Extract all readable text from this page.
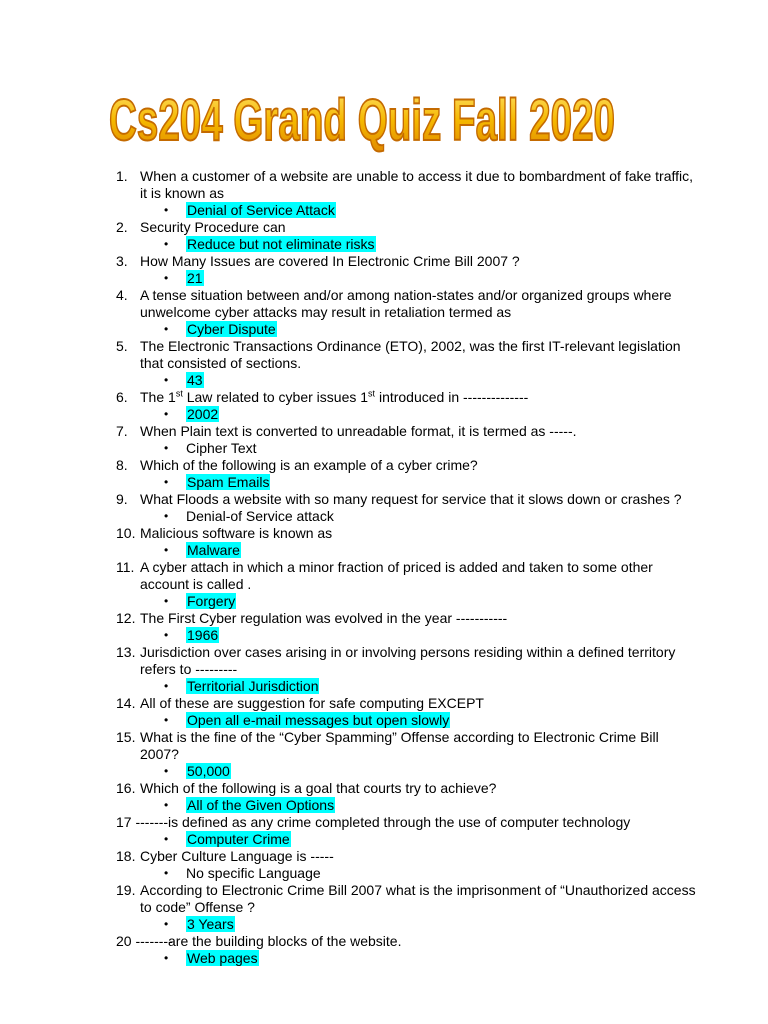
Cs204 Grand Quiz Fall 2020
1. When a customer of a website are unable to access it due to bombardment of fake traffic, it is known as
• Denial of Service Attack
2. Security Procedure can
• Reduce but not eliminate risks
3. How Many Issues are covered In Electronic Crime Bill 2007 ?
• 21
4. A tense situation between and/or among nation-states and/or organized groups where unwelcome cyber attacks may result in retaliation termed as
• Cyber Dispute
5. The Electronic Transactions Ordinance (ETO), 2002, was the first IT-relevant legislation that consisted of sections.
• 43
6. The 1st Law related to cyber issues 1st introduced in --------------
• 2002
7. When Plain text is converted to unreadable format, it is termed as -----.
• Cipher Text
8. Which of the following is an example of a cyber crime?
• Spam Emails
9. What Floods a website with so many request for service that it slows down or crashes ?
• Denial-of Service attack
10. Malicious software is known as
• Malware
11. A cyber attach in which a minor fraction of priced is added and taken to some other account is called .
• Forgery
12. The First Cyber regulation was evolved in the year -----------
• 1966
13. Jurisdiction over cases arising in or involving persons residing within a defined territory refers to ---------
• Territorial Jurisdiction
14. All of these are suggestion for safe computing EXCEPT
• Open all e-mail messages but open slowly
15. What is the fine of the “Cyber Spamming” Offense according to Electronic Crime Bill 2007?
• 50,000
16. Which of the following is a goal that courts try to achieve?
• All of the Given Options
17 ------- is defined as any crime completed through the use of computer technology
• Computer Crime
18. Cyber Culture Language is -----
• No specific Language
19. According to Electronic Crime Bill 2007 what is the imprisonment of “Unauthorized access to code” Offense ?
• 3 Years
20 --------
are the building blocks of the website.
• Web pages
